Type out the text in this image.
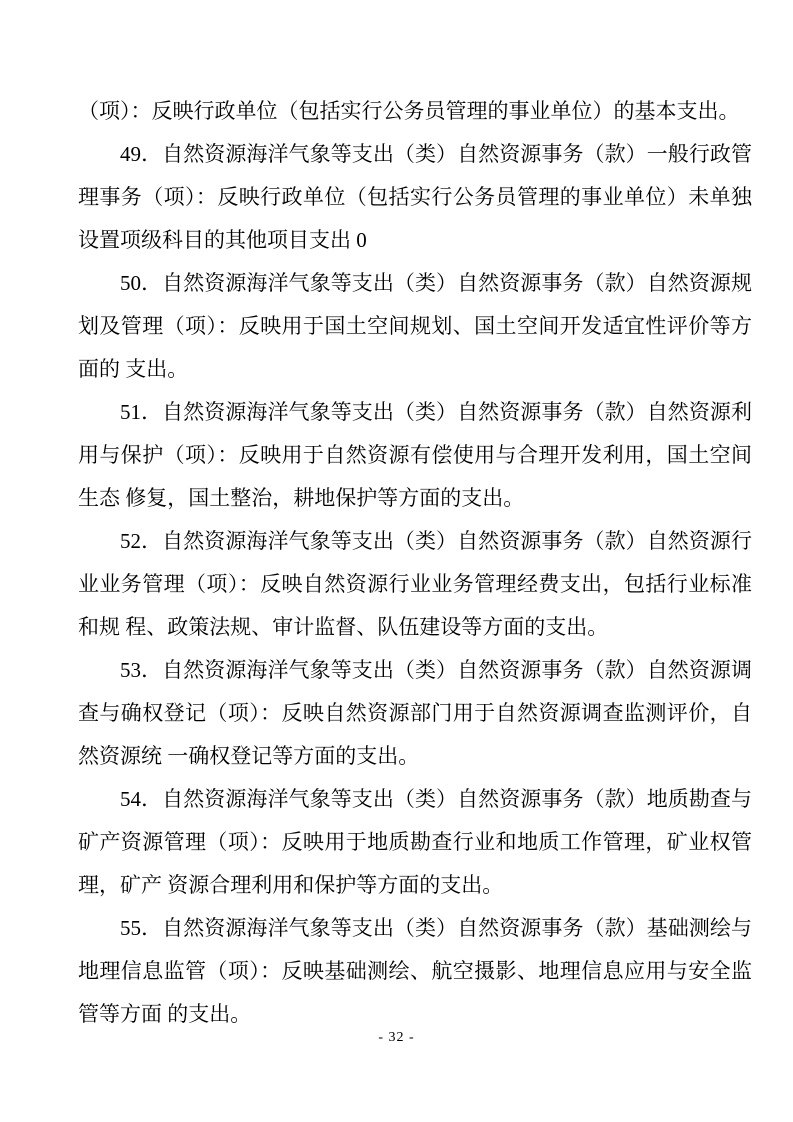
（项）：反映行政单位（包括实行公务员管理的事业单位）的基本支出。

49．自然资源海洋气象等支出（类）自然资源事务（款）一般行政管理事务（项）：反映行政单位（包括实行公务员管理的事业单位）未单独 设置项级科目的其他项目支出 0

50．自然资源海洋气象等支出（类）自然资源事务（款）自然资源规划及管理（项）：反映用于国土空间规划、国土空间开发适宜性评价等方面的 支出。

51．自然资源海洋气象等支出（类）自然资源事务（款）自然资源利用与保护（项）：反映用于自然资源有偿使用与合理开发利用，国土空间生态 修复，国土整治，耕地保护等方面的支出。

52．自然资源海洋气象等支出（类）自然资源事务（款）自然资源行业业务管理（项）：反映自然资源行业业务管理经费支出，包括行业标准和规 程、政策法规、审计监督、队伍建设等方面的支出。

53．自然资源海洋气象等支出（类）自然资源事务（款）自然资源调查与确权登记（项）：反映自然资源部门用于自然资源调查监测评价，自然资源统 一确权登记等方面的支出。

54．自然资源海洋气象等支出（类）自然资源事务（款）地质勘查与矿产资源管理（项）：反映用于地质勘查行业和地质工作管理，矿业权管理，矿产 资源合理利用和保护等方面的支出。

55．自然资源海洋气象等支出（类）自然资源事务（款）基础测绘与地理信息监管（项）：反映基础测绘、航空摄影、地理信息应用与安全监管等方面 的支出。

- 32 -
